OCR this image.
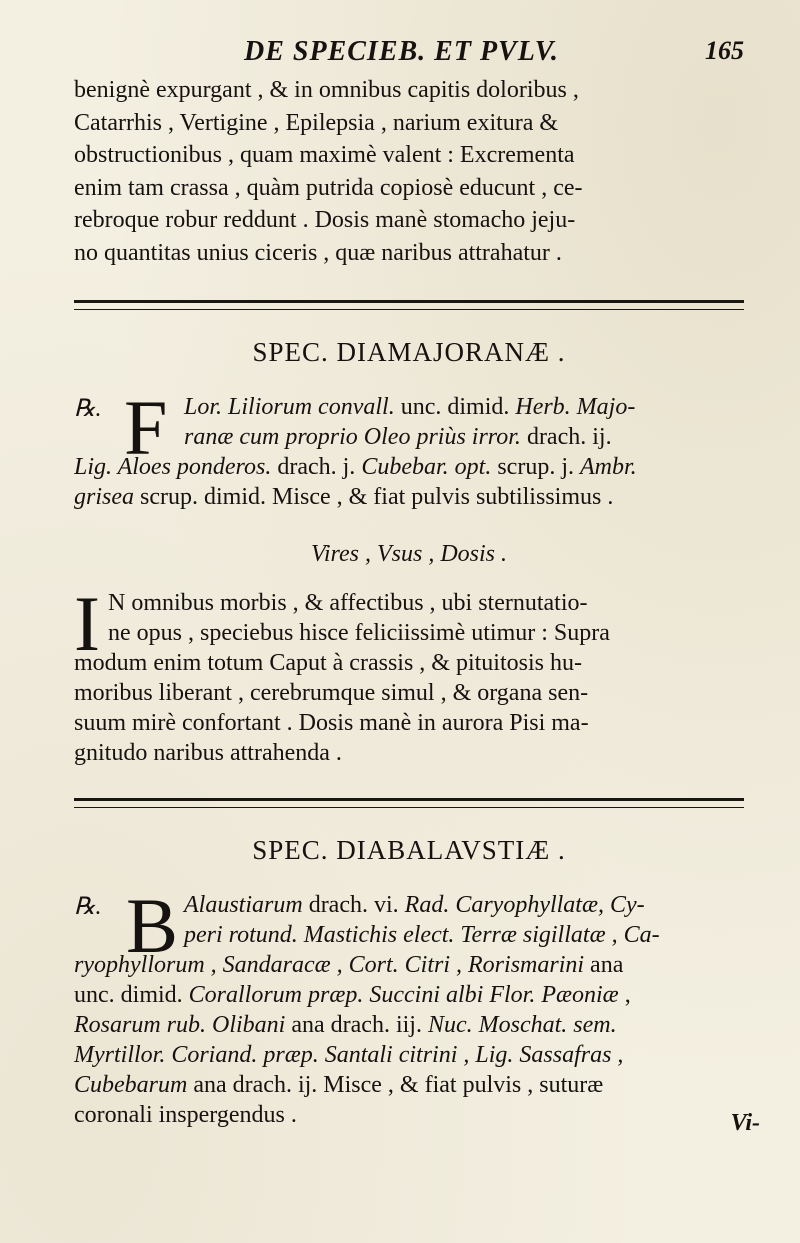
DE SPECIEB. ET PVLV.	165

benignè expurgant , & in omnibus capitis doloribus ,
Catarrhis , Vertigine , Epilepsia , narium exitura &
obstructionibus , quam maximè valent : Excrementa
enim tam crassa , quàm putrida copiosè educunt , ce-
rebroque robur reddunt . Dosis manè stomacho jeju-
no quantitas unius ciceris , quæ naribus attrahatur .

SPEC. DIAMAJORANÆ .
℞. F Lor. Liliorum convall. unc. dimid. Herb. Majo-
ranæ cum proprio Oleo priùs irror. drach. ij.
Lig. Aloes ponderos. drach. j. Cubebar. opt. scrup. j. Ambr.
grisea scrup. dimid. Misce , & fiat pulvis subtilissimus .
Vires , Vsus , Dosis .
I N omnibus morbis , & affectibus , ubi sternutatio-
ne opus , speciebus hisce feliciissimè utimur : Supra
modum enim totum Caput à crassis , & pituitosis hu-
moribus liberant , cerebrumque simul , & organa sen-
suum mirè confortant . Dosis manè in aurora Pisi ma-
gnitudo naribus attrahenda .
SPEC. DIABALAVSTIÆ .
℞. B Alaustiarum drach. vi. Rad. Caryophyllatæ, Cy-
peri rotund. Mastichis elect. Terræ sigillatæ , Ca-
ryophyllorum , Sandaracæ , Cort. Citri , Rorismarini ana
unc. dimid. Corallorum præp. Succini albi Flor. Pæoniæ ,
Rosarum rub. Olibani ana drach. iij. Nuc. Moschat. sem.
Myrtillor. Coriand. præp. Santali citrini , Lig. Sassafras ,
Cubebarum ana drach. ij. Misce , & fiat pulvis , suturæ
coronali inspergendus .	Vi-
